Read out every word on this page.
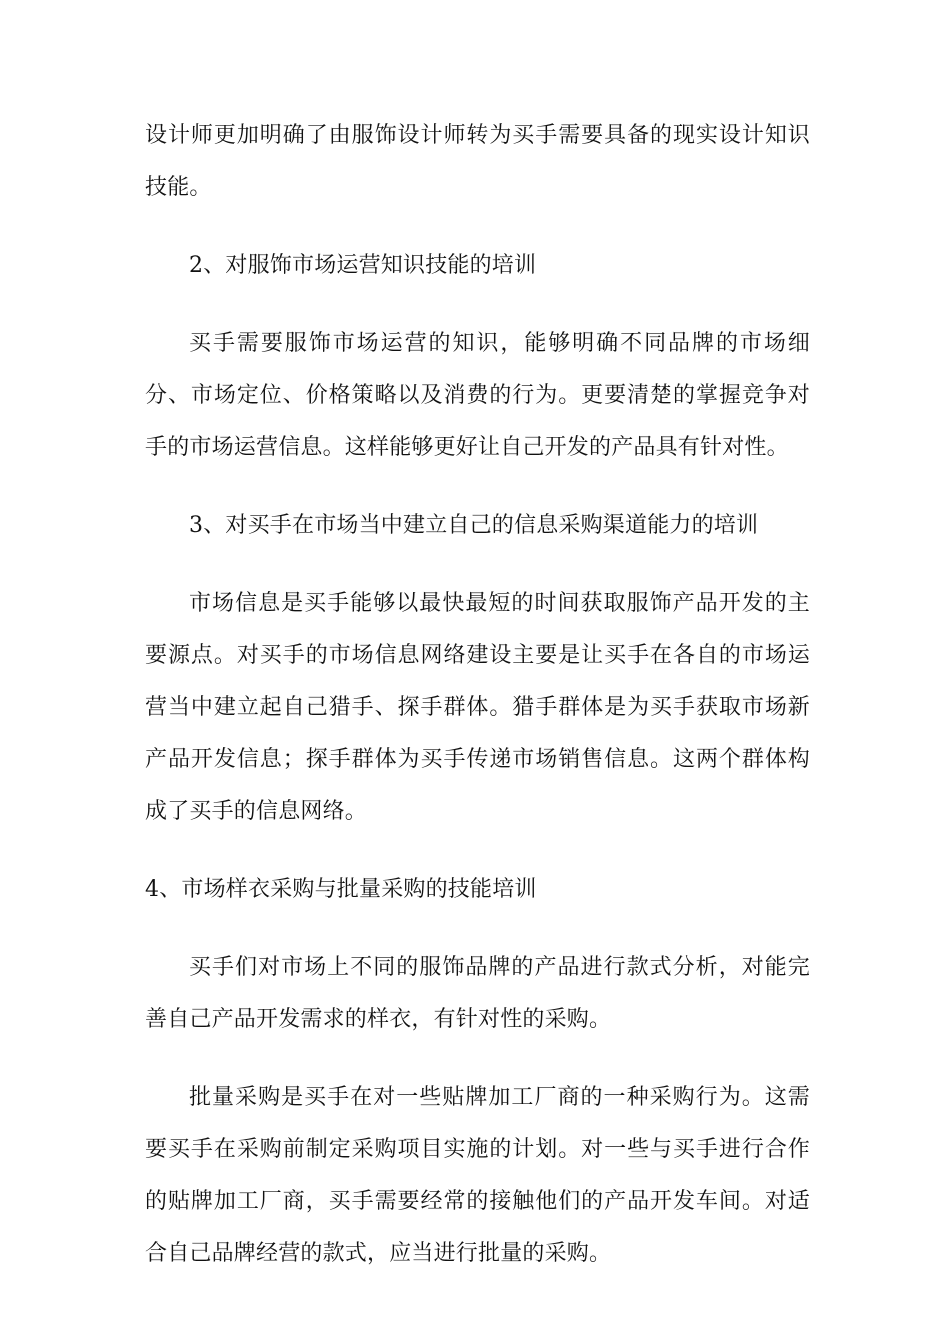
设计师更加明确了由服饰设计师转为买手需要具备的现实设计知识技能。

2、对服饰市场运营知识技能的培训

买手需要服饰市场运营的知识，能够明确不同品牌的市场细分、市场定位、价格策略以及消费的行为。更要清楚的掌握竞争对手的市场运营信息。这样能够更好让自己开发的产品具有针对性。

3、对买手在市场当中建立自己的信息采购渠道能力的培训

市场信息是买手能够以最快最短的时间获取服饰产品开发的主要源点。对买手的市场信息网络建设主要是让买手在各自的市场运营当中建立起自己猎手、探手群体。猎手群体是为买手获取市场新产品开发信息；探手群体为买手传递市场销售信息。这两个群体构成了买手的信息网络。

4、市场样衣采购与批量采购的技能培训

买手们对市场上不同的服饰品牌的产品进行款式分析，对能完善自己产品开发需求的样衣，有针对性的采购。

批量采购是买手在对一些贴牌加工厂商的一种采购行为。这需要买手在采购前制定采购项目实施的计划。对一些与买手进行合作的贴牌加工厂商，买手需要经常的接触他们的产品开发车间。对适合自己品牌经营的款式，应当进行批量的采购。
